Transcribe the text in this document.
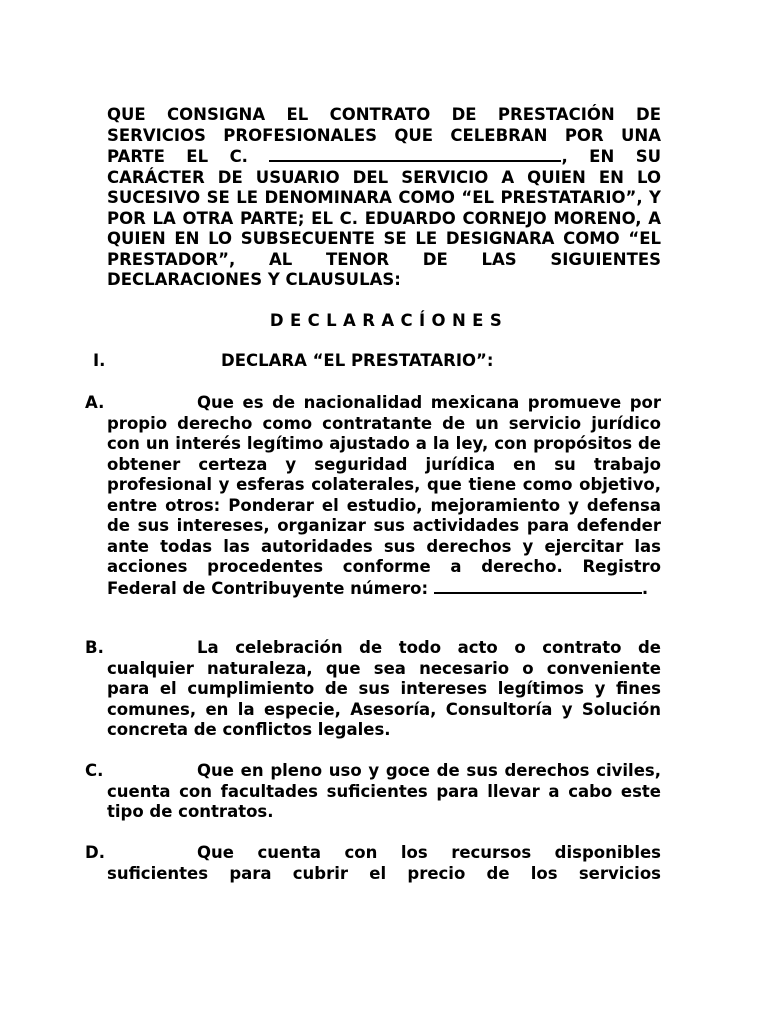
QUE CONSIGNA EL CONTRATO DE PRESTACIÓN DE SERVICIOS PROFESIONALES QUE CELEBRAN POR UNA PARTE EL C.	, EN SU CARÁCTER DE USUARIO DEL SERVICIO A QUIEN EN LO SUCESIVO SE LE DENOMINARA COMO “EL PRESTATARIO”, Y POR LA OTRA PARTE; EL C. EDUARDO CORNEJO MORENO, A QUIEN EN LO SUBSECUENTE SE LE DESIGNARA COMO “EL PRESTADOR”, AL TENOR DE LAS SIGUIENTES DECLARACIONES Y CLAUSULAS:
DECLARACÍONES
I.	DECLARA “EL PRESTATARIO”:
A.	Que es de nacionalidad mexicana promueve por propio derecho como contratante de un servicio jurídico con un interés legítimo ajustado a la ley, con propósitos de obtener certeza y seguridad jurídica en su trabajo profesional y esferas colaterales, que tiene como objetivo, entre otros: Ponderar el estudio, mejoramiento y defensa de sus intereses, organizar sus actividades para defender ante todas las autoridades sus derechos y ejercitar las acciones procedentes conforme a derecho. Registro Federal de Contribuyente número:	.
B.	La celebración de todo acto o contrato de cualquier naturaleza, que sea necesario o conveniente para el cumplimiento de sus intereses legítimos y fines comunes, en la especie, Asesoría, Consultoría y Solución concreta de conflictos legales.
C.	Que en pleno uso y goce de sus derechos civiles, cuenta con facultades suficientes para llevar a cabo este tipo de contratos.
D.	Que cuenta con los recursos disponibles suficientes para cubrir el precio de los servicios
